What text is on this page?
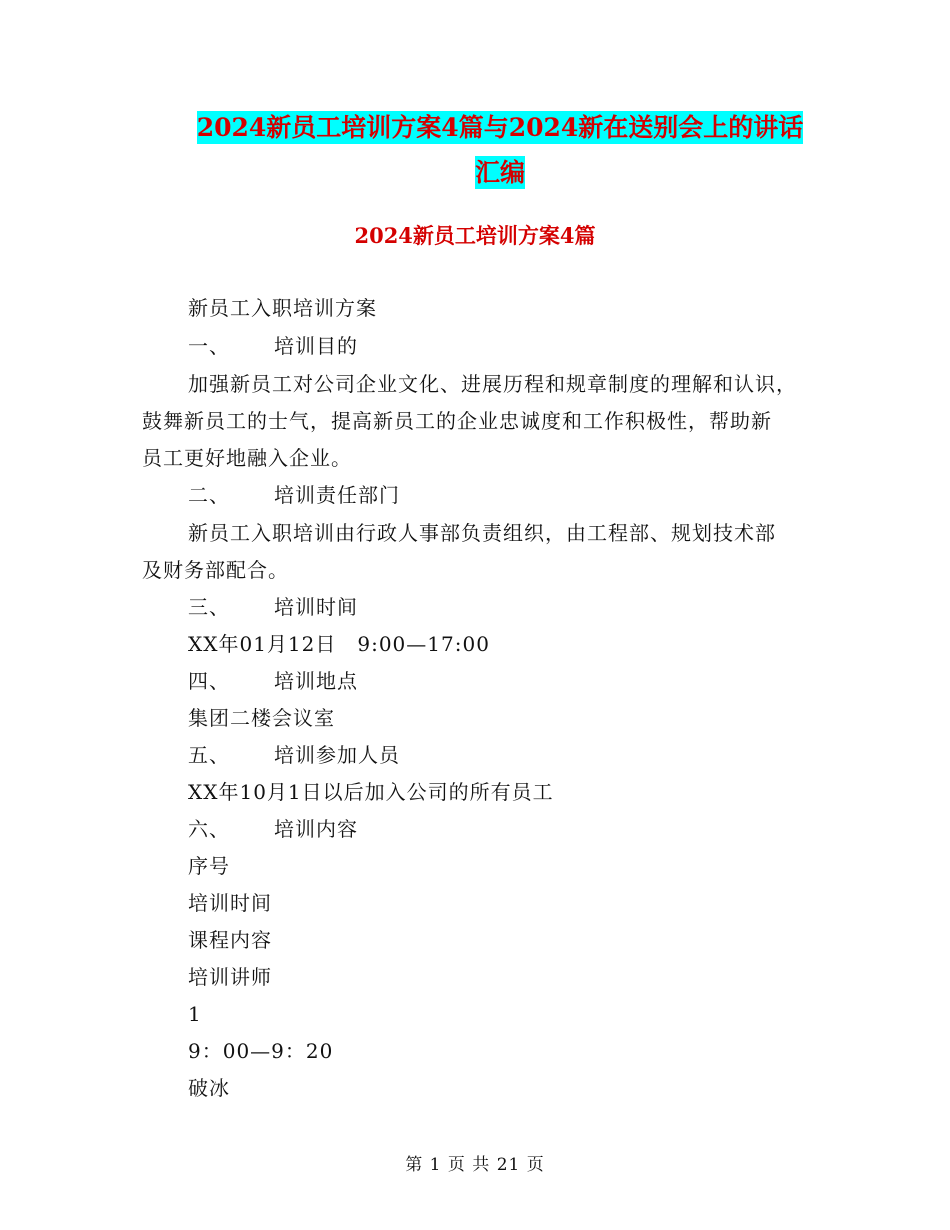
2024新员工培训方案4篇与2024新在送别会上的讲话
汇编
2024新员工培训方案4篇
新员工入职培训方案
一、 培训目的
加强新员工对公司企业文化、进展历程和规章制度的理解和认识，
鼓舞新员工的士气，提高新员工的企业忠诚度和工作积极性，帮助新
员工更好地融入企业。
二、 培训责任部门
新员工入职培训由行政人事部负责组织，由工程部、规划技术部
及财务部配合。
三、 培训时间
XX年01月12日　9:00—17:00
四、 培训地点
集团二楼会议室
五、 培训参加人员
XX年10月1日以后加入公司的所有员工
六、 培训内容
序号
培训时间
课程内容
培训讲师
1
9：00—9：20
破冰
第 1 页 共 21 页
